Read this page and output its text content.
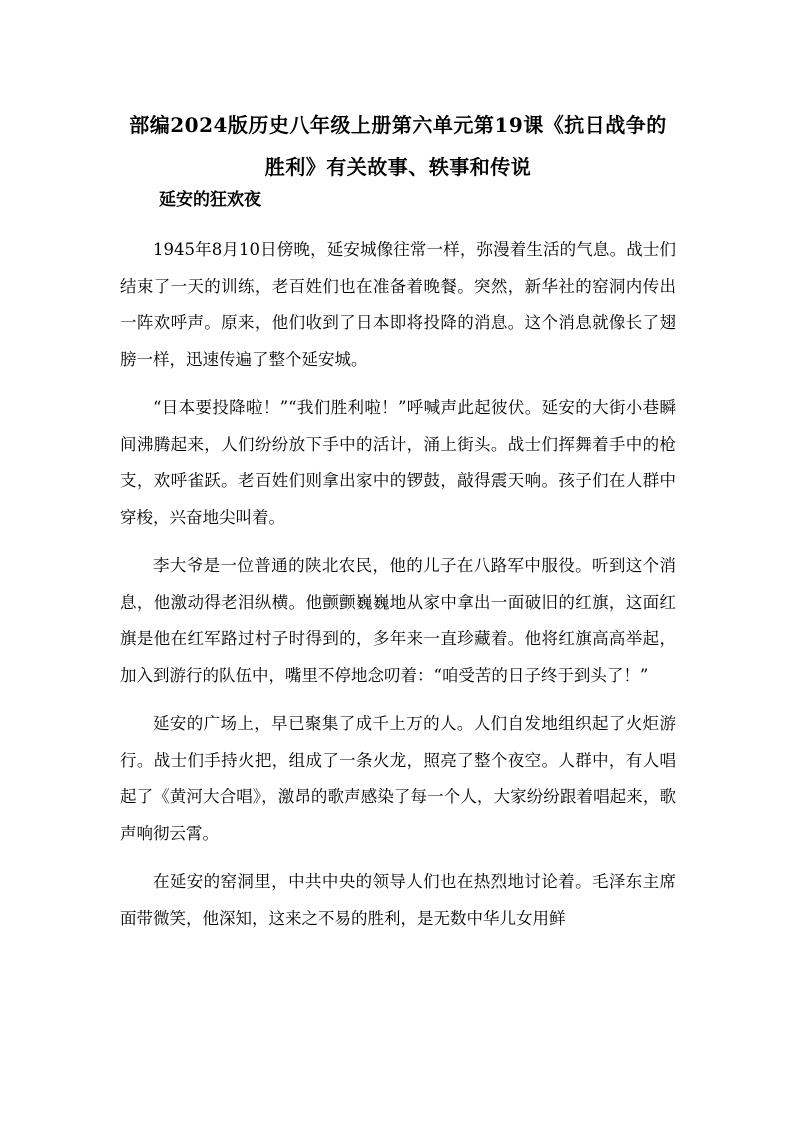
部编2024版历史八年级上册第六单元第19课《抗日战争的胜利》有关故事、轶事和传说
延安的狂欢夜

1945年8月10日傍晚，延安城像往常一样，弥漫着生活的气息。战士们结束了一天的训练，老百姓们也在准备着晚餐。突然，新华社的窑洞内传出一阵欢呼声。原来，他们收到了日本即将投降的消息。这个消息就像长了翅膀一样，迅速传遍了整个延安城。

“日本要投降啦！”“我们胜利啦！”呼喊声此起彼伏。延安的大街小巷瞬间沸腾起来，人们纷纷放下手中的活计，涌上街头。战士们挥舞着手中的枪支，欢呼雀跃。老百姓们则拿出家中的锣鼓，敲得震天响。孩子们在人群中穿梭，兴奋地尖叫着。

李大爷是一位普通的陕北农民，他的儿子在八路军中服役。听到这个消息，他激动得老泪纵横。他颤颤巍巍地从家中拿出一面破旧的红旗，这面红旗是他在红军路过村子时得到的，多年来一直珍藏着。他将红旗高高举起，加入到游行的队伍中，嘴里不停地念叨着：“咱受苦的日子终于到头了！”

延安的广场上，早已聚集了成千上万的人。人们自发地组织起了火炬游行。战士们手持火把，组成了一条火龙，照亮了整个夜空。人群中，有人唱起了《黄河大合唱》，激昂的歌声感染了每一个人，大家纷纷跟着唱起来，歌声响彻云霄。

在延安的窑洞里，中共中央的领导人们也在热烈地讨论着。毛泽东主席面带微笑，他深知，这来之不易的胜利，是无数中华儿女用鲜
